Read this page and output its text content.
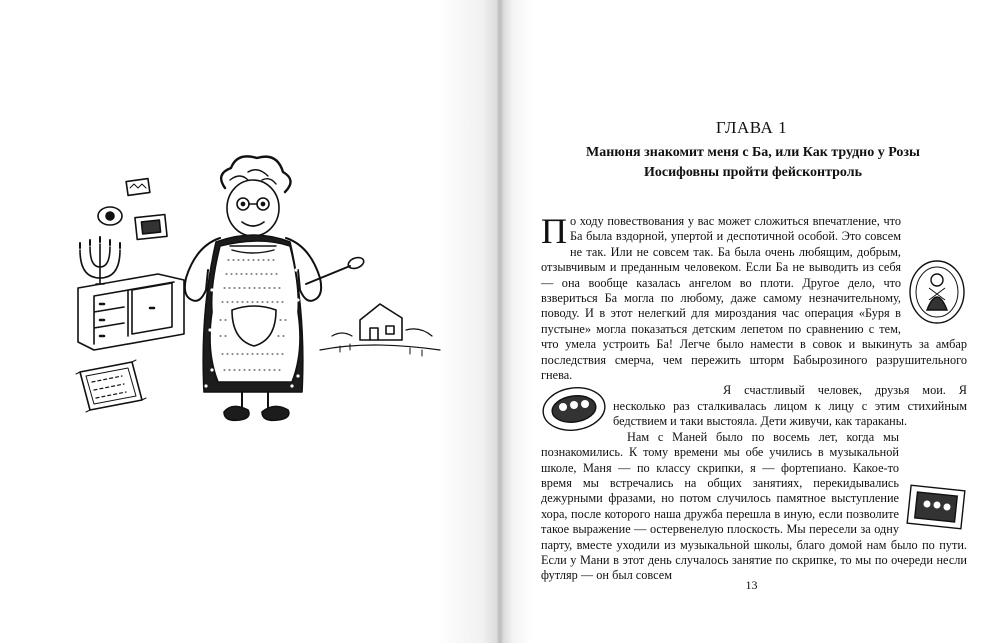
ГЛАВА 1
Манюня знакомит меня с Ба, или Как трудно у Розы
Иосифовны пройти фейсконтроль

П о ходу повествования у вас может сложиться впечатление, что Ба была вздорной, упертой и деспотичной особой. Это совсем не так. Или не совсем так. Ба была очень любящим, добрым, отзывчивым и преданным человеком. Если Ба не выводить из себя — она вообще казалась ангелом во плоти. Другое дело, что взвеpиться Ба могла по любому, даже самому незначительному, поводу. И в этот нелегкий для мироздания час операция «Буря в пустыне» могла показаться детским лепетом по сравнению с тем, что умела устроить Ба! Легче было намести в совок и выкинуть за амбар последствия смерча, чем пережить шторм Бабырозиного разрушительного гнева.

Я счастливый человек, друзья мои. Я несколько раз сталкивалась лицом к лицу с этим стихийным бедствием и таки выстояла. Дети живучи, как тараканы.

Нам с Маней было по восемь лет, когда мы познакомились. К тому времени мы обе учились в музыкальной школе, Маня — по классу скрипки, я — фортепиано. Какое-то время мы встречались на общих занятиях, перекидывались дежурными фразами, но потом случилось памятное выступление хора, после которого наша дружба перешла в иную, если позволите такое выражение — остервенелую плоскость. Мы пересели за одну парту, вместе уходили из музыкальной школы, благо домой нам было по пути. Если у Мани в этот день случалось занятие по скрипке, то мы по очереди несли футляр — он был совсем

13
